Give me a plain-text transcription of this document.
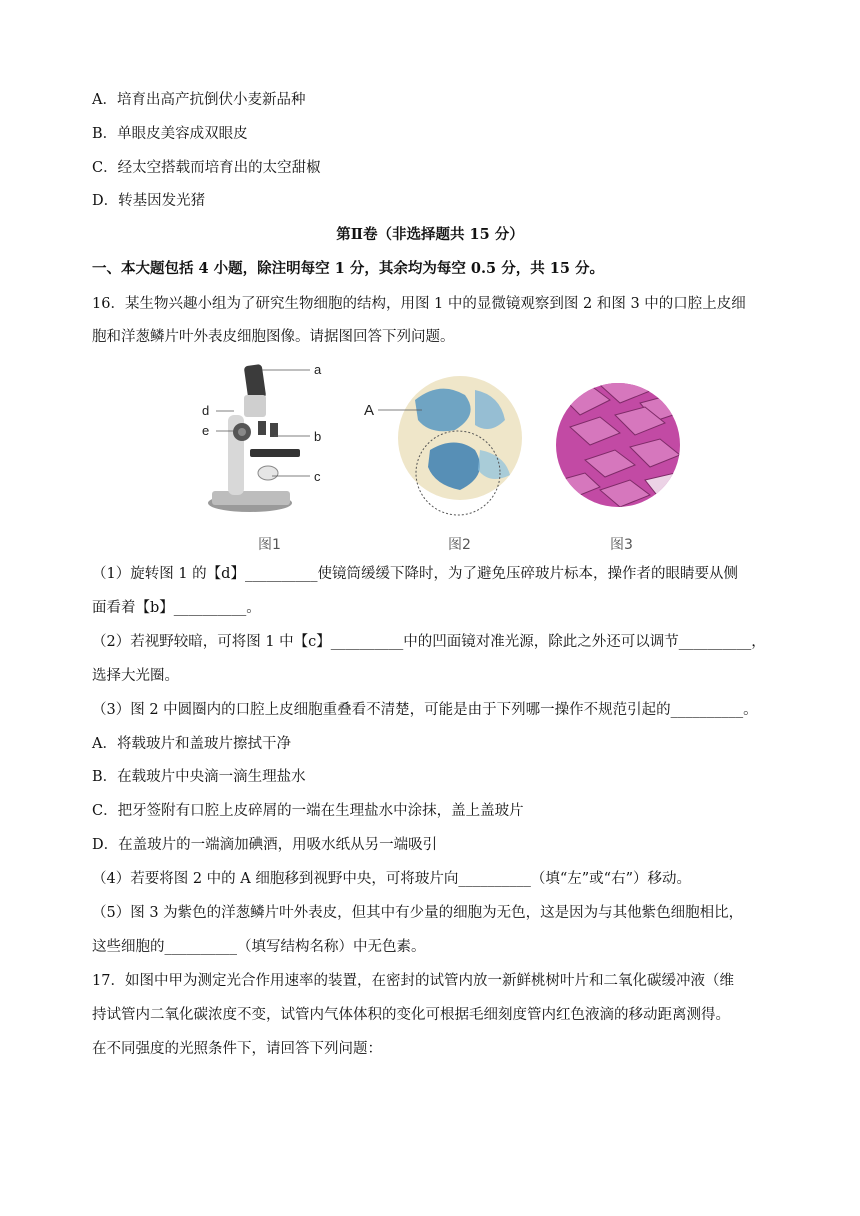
A．培育出高产抗倒伏小麦新品种
B．单眼皮美容成双眼皮
C．经太空搭载而培育出的太空甜椒
D．转基因发光猪
第Ⅱ卷（非选择题共 15 分）
一、本大题包括 4 小题，除注明每空 1 分，其余均为每空 0.5 分，共 15 分。
16．某生物兴趣小组为了研究生物细胞的结构，用图 1 中的显微镜观察到图 2 和图 3 中的口腔上皮细
胞和洋葱鳞片叶外表皮细胞图像。请据图回答下列问题。
a
b
c
d
e
A
图1	图2	图3
（1）旋转图 1 的【d】__________使镜筒缓缓下降时，为了避免压碎玻片标本，操作者的眼睛要从侧
面看着【b】__________。
（2）若视野较暗，可将图 1 中【c】__________中的凹面镜对准光源，除此之外还可以调节__________，
选择大光圈。
（3）图 2 中圆圈内的口腔上皮细胞重叠看不清楚，可能是由于下列哪一操作不规范引起的__________。
A．将载玻片和盖玻片擦拭干净
B．在载玻片中央滴一滴生理盐水
C．把牙签附有口腔上皮碎屑的一端在生理盐水中涂抹，盖上盖玻片
D．在盖玻片的一端滴加碘酒，用吸水纸从另一端吸引
（4）若要将图 2 中的 A 细胞移到视野中央，可将玻片向__________（填“左”或“右”）移动。
（5）图 3 为紫色的洋葱鳞片叶外表皮，但其中有少量的细胞为无色，这是因为与其他紫色细胞相比，
这些细胞的__________（填写结构名称）中无色素。
17．如图中甲为测定光合作用速率的装置，在密封的试管内放一新鲜桃树叶片和二氧化碳缓冲液（维
持试管内二氧化碳浓度不变，试管内气体体积的变化可根据毛细刻度管内红色液滴的移动距离测得。
在不同强度的光照条件下，请回答下列问题：
